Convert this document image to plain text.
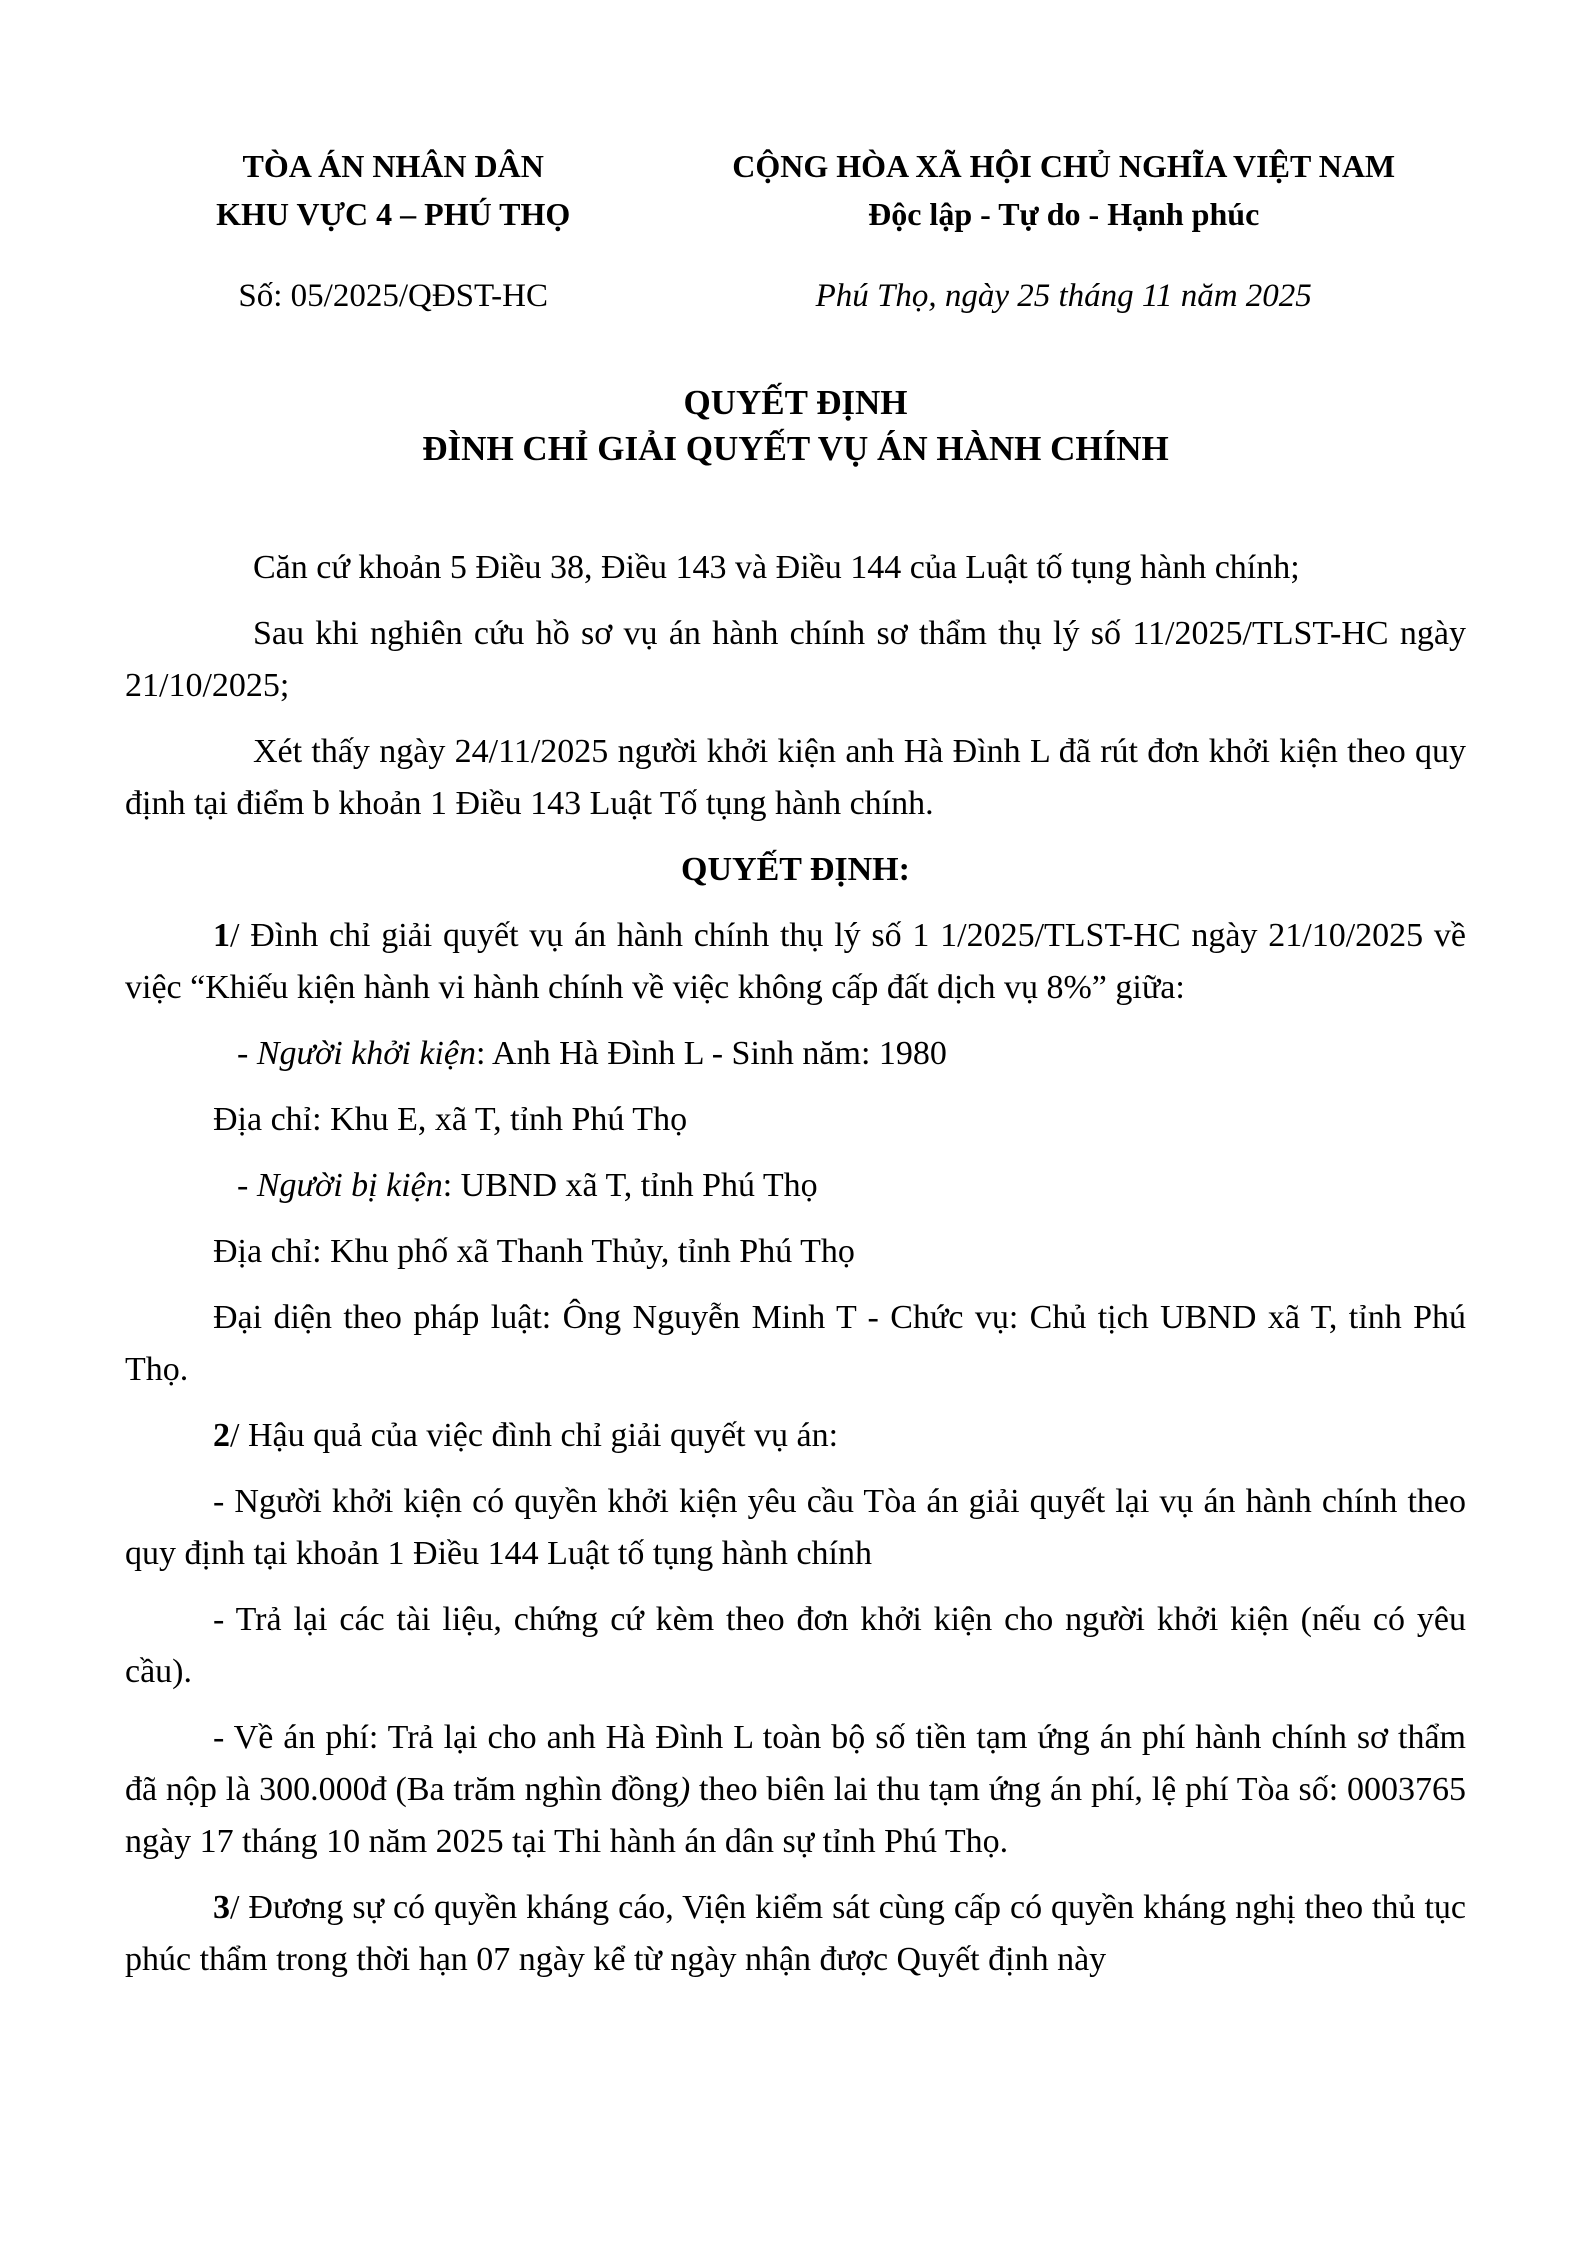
TÒA ÁN NHÂN DÂN
KHU VỰC 4 – PHÚ THỌ
Số: 05/2025/QĐST-HC
CỘNG HÒA XÃ HỘI CHỦ NGHĨA VIỆT NAM
Độc lập - Tự do - Hạnh phúc
Phú Thọ, ngày 25 tháng 11 năm 2025
QUYẾT ĐỊNH
ĐÌNH CHỈ GIẢI QUYẾT VỤ ÁN HÀNH CHÍNH

Căn cứ khoản 5 Điều 38, Điều 143 và Điều 144 của Luật tố tụng hành chính;

Sau khi nghiên cứu hồ sơ vụ án hành chính sơ thẩm thụ lý số 11/2025/TLST-HC ngày 21/10/2025;

Xét thấy ngày 24/11/2025 người khởi kiện anh Hà Đình L đã rút đơn khởi kiện theo quy định tại điểm b khoản 1 Điều 143 Luật Tố tụng hành chính.

QUYẾT ĐỊNH:

1/ Đình chỉ giải quyết vụ án hành chính thụ lý số 1 1/2025/TLST-HC ngày 21/10/2025 về việc “Khiếu kiện hành vi hành chính về việc không cấp đất dịch vụ 8%” giữa:

- Người khởi kiện: Anh Hà Đình L - Sinh năm: 1980

Địa chỉ: Khu E, xã T, tỉnh Phú Thọ

- Người bị kiện: UBND xã T, tỉnh Phú Thọ

Địa chỉ: Khu phố xã Thanh Thủy, tỉnh Phú Thọ

Đại diện theo pháp luật: Ông Nguyễn Minh T - Chức vụ: Chủ tịch UBND xã T, tỉnh Phú Thọ.

2/ Hậu quả của việc đình chỉ giải quyết vụ án:

- Người khởi kiện có quyền khởi kiện yêu cầu Tòa án giải quyết lại vụ án hành chính theo quy định tại khoản 1 Điều 144 Luật tố tụng hành chính

- Trả lại các tài liệu, chứng cứ kèm theo đơn khởi kiện cho người khởi kiện (nếu có yêu cầu).

- Về án phí: Trả lại cho anh Hà Đình L toàn bộ số tiền tạm ứng án phí hành chính sơ thẩm đã nộp là 300.000đ (Ba trăm nghìn đồng) theo biên lai thu tạm ứng án phí, lệ phí Tòa số: 0003765 ngày 17 tháng 10 năm 2025 tại Thi hành án dân sự tỉnh Phú Thọ.

3/ Đương sự có quyền kháng cáo, Viện kiểm sát cùng cấp có quyền kháng nghị theo thủ tục phúc thẩm trong thời hạn 07 ngày kể từ ngày nhận được Quyết định này
